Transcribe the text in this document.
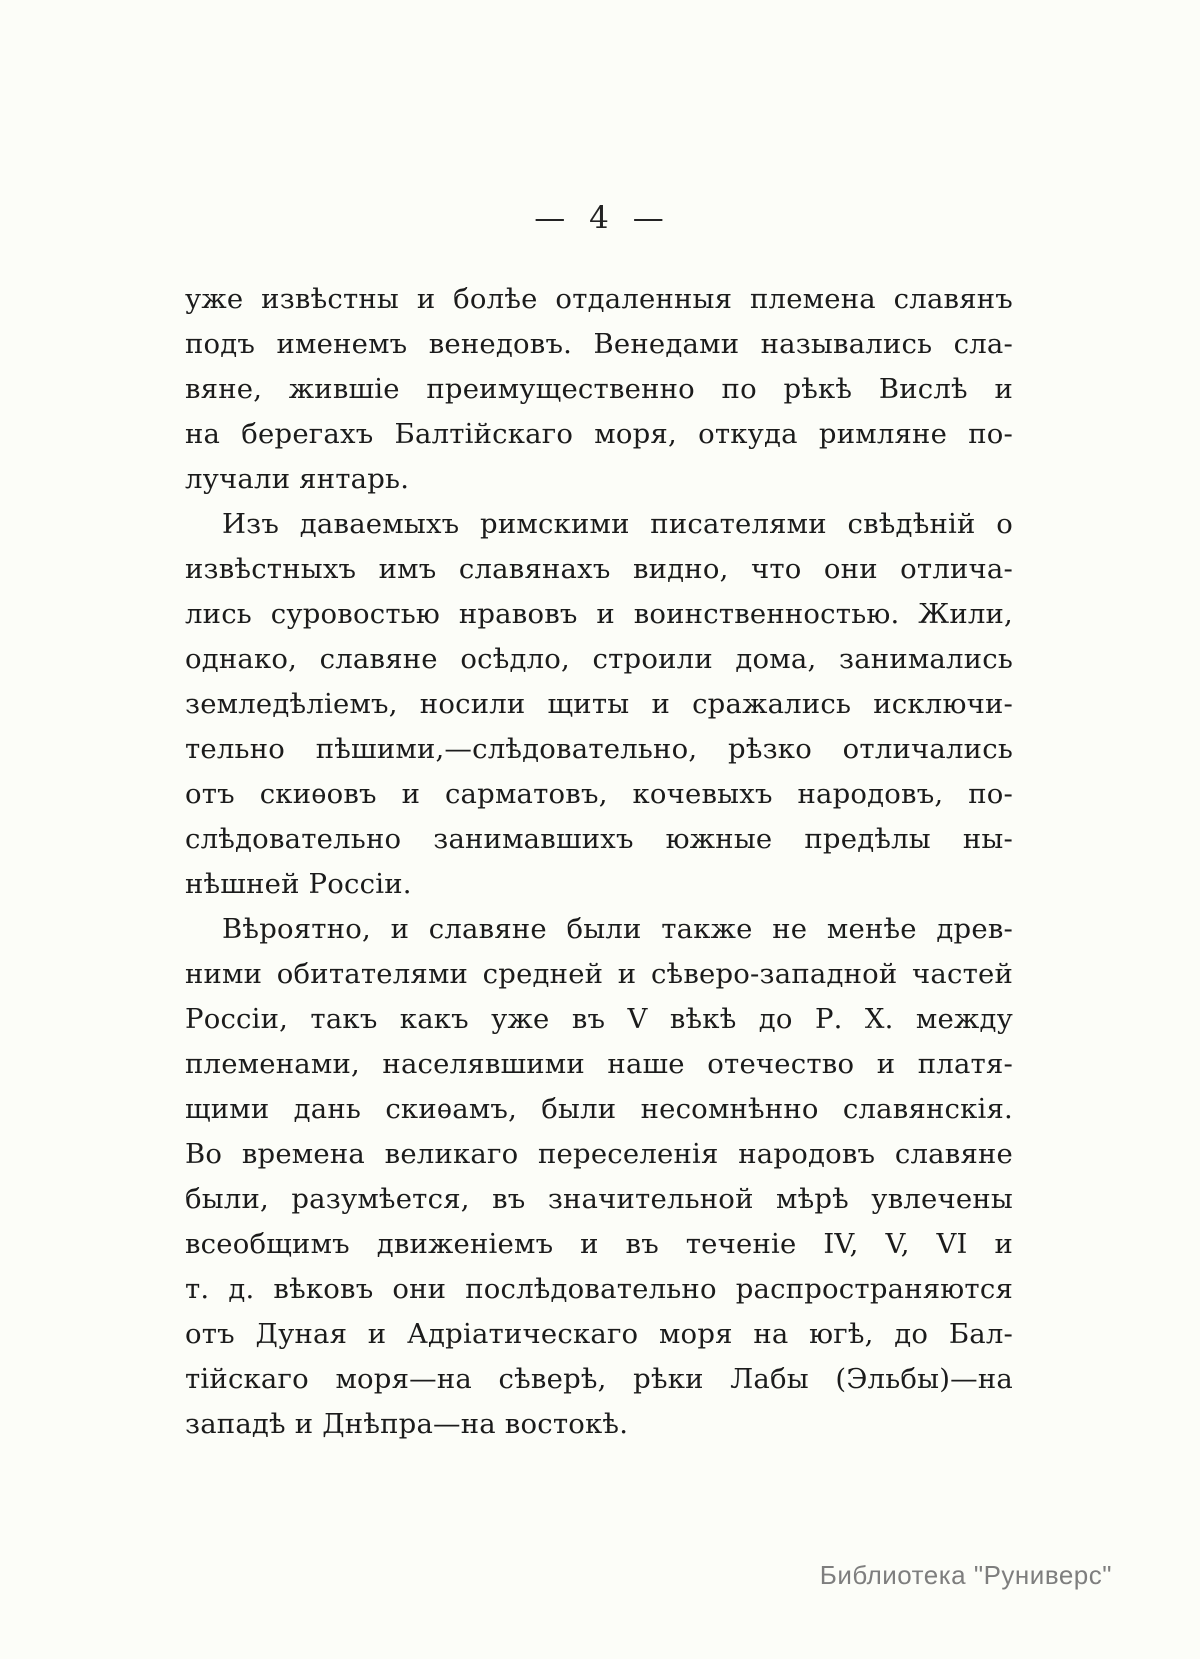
— 4 —
уже извѣстны и болѣе отдаленныя племена славянъ
подъ именемъ венедовъ. Венедами назывались сла-
вяне, жившіе преимущественно по рѣкѣ Вислѣ и
на берегахъ Балтійскаго моря, откуда римляне по-
лучали янтарь.
Изъ даваемыхъ римскими писателями свѣдѣній о
извѣстныхъ имъ славянахъ видно, что они отлича-
лись суровостью нравовъ и воинственностью. Жили,
однако, славяне осѣдло, строили дома, занимались
земледѣліемъ, носили щиты и сражались исключи-
тельно пѣшими,—слѣдовательно, рѣзко отличались
отъ скиѳовъ и сарматовъ, кочевыхъ народовъ, по-
слѣдовательно занимавшихъ южные предѣлы ны-
нѣшней Россіи.
Вѣроятно, и славяне были также не менѣе древ-
ними обитателями средней и сѣверо-западной частей
Россіи, такъ какъ уже въ V вѣкѣ до Р. Х. между
племенами, населявшими наше отечество и платя-
щими дань скиѳамъ, были несомнѣнно славянскія.
Во времена великаго переселенія народовъ славяне
были, разумѣется, въ значительной мѣрѣ увлечены
всеобщимъ движеніемъ и въ теченіе IV, V, VI и
т. д. вѣковъ они послѣдовательно распространяются
отъ Дуная и Адріатическаго моря на югѣ, до Бал-
тійскаго моря—на сѣверѣ, рѣки Лабы (Эльбы)—на
западѣ и Днѣпра—на востокѣ.
Библиотека "Руниверс"
